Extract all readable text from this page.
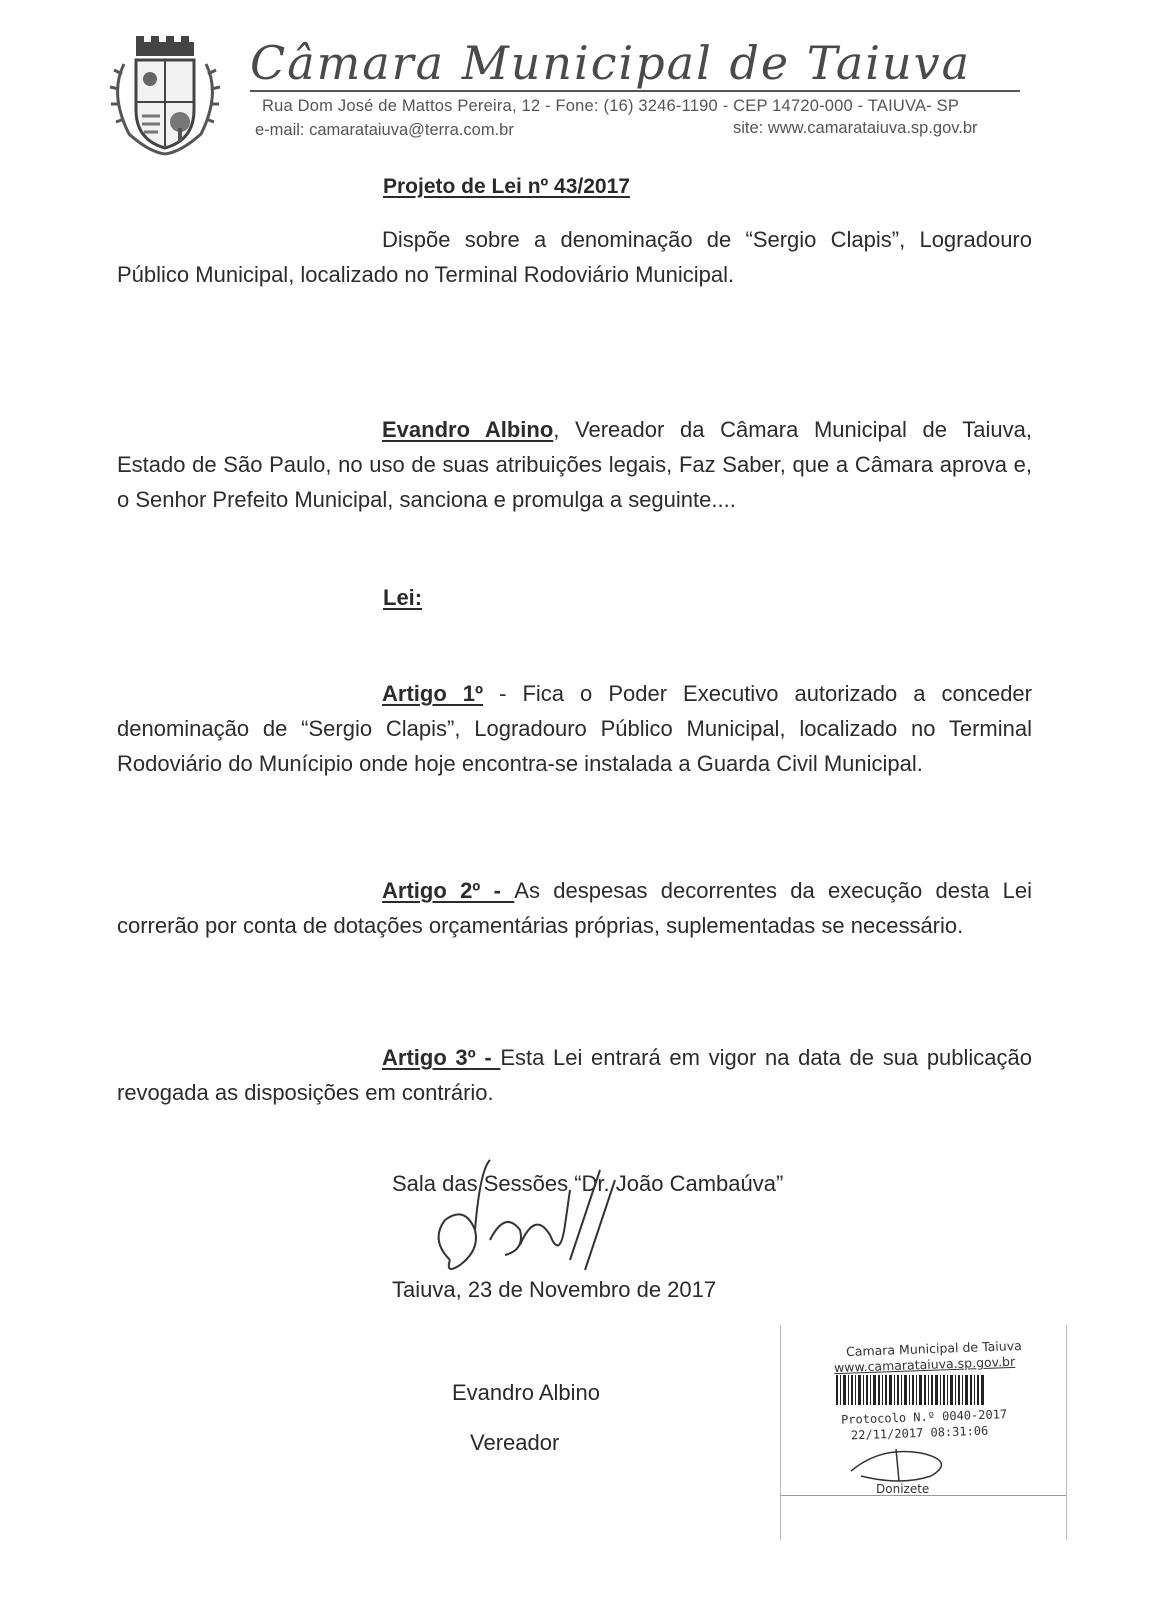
Câmara Municipal de Taiuva
Rua Dom José de Mattos Pereira, 12 - Fone: (16) 3246-1190 - CEP 14720-000 - TAIUVA- SP
e-mail: camarataiuva@terra.com.br	site: www.camarataiuva.sp.gov.br
Projeto de Lei nº 43/2017
Dispõe sobre a denominação de “Sergio Clapis”, Logradouro Público Municipal, localizado no Terminal Rodoviário Municipal.
Evandro Albino, Vereador da Câmara Municipal de Taiuva, Estado de São Paulo, no uso de suas atribuições legais, Faz Saber, que a Câmara aprova e, o Senhor Prefeito Municipal, sanciona e promulga a seguinte....
Lei:
Artigo 1º - Fica o Poder Executivo autorizado a conceder denominação de “Sergio Clapis”, Logradouro Público Municipal, localizado no Terminal Rodoviário do Munícipio onde hoje encontra-se instalada a Guarda Civil Municipal.
Artigo 2º - As despesas decorrentes da execução desta Lei correrão por conta de dotações orçamentárias próprias, suplementadas se necessário.
Artigo 3º - Esta Lei entrará em vigor na data de sua publicação revogada as disposições em contrário.
Sala das Sessões “Dr. João Cambaúva”
Taiuva, 23 de Novembro de 2017
Evandro Albino
Vereador
Camara Municipal de Taiuva
www.camarataiuva.sp.gov.br
Protocolo N.º 0040-2017
22/11/2017 08:31:06
Donizete
